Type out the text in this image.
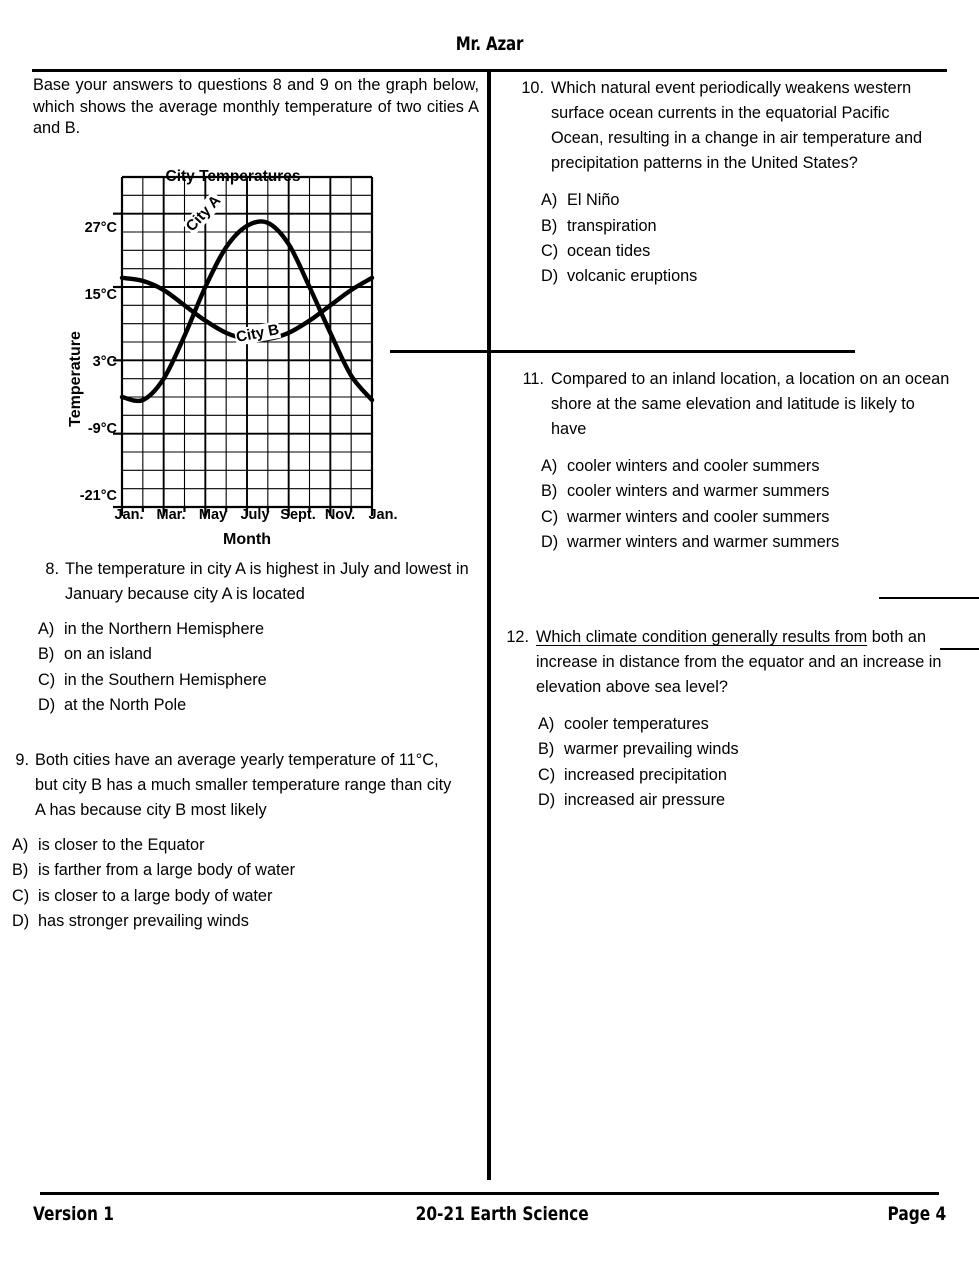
Mr. Azar
Base your answers to questions 8 and 9 on the graph below, which shows the average monthly temperature of two cities A and B.
City Temperatures
Temperature
Month
27°C
15°C
3°C
-9°C
-21°C
Jan. Mar. May July Sept. Nov. Jan.
City A
City B
8. The temperature in city A is highest in July and lowest in January because city A is located
A) in the Northern Hemisphere
B) on an island
C) in the Southern Hemisphere
D) at the North Pole
9. Both cities have an average yearly temperature of 11°C, but city B has a much smaller temperature range than city A has because city B most likely
A) is closer to the Equator
B) is farther from a large body of water
C) is closer to a large body of water
D) has stronger prevailing winds
10. Which natural event periodically weakens western surface ocean currents in the equatorial Pacific Ocean, resulting in a change in air temperature and precipitation patterns in the United States?
A) El Niño
B) transpiration
C) ocean tides
D) volcanic eruptions
11. Compared to an inland location, a location on an ocean shore at the same elevation and latitude is likely to have
A) cooler winters and cooler summers
B) cooler winters and warmer summers
C) warmer winters and cooler summers
D) warmer winters and warmer summers
12. Which climate condition generally results from both an increase in distance from the equator and an increase in elevation above sea level?
A) cooler temperatures
B) warmer prevailing winds
C) increased precipitation
D) increased air pressure
Version 1	20-21 Earth Science	Page 4
